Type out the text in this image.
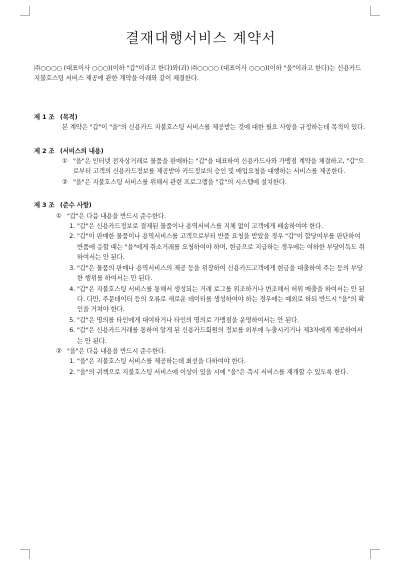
결재대행서비스 계약서

㈜○○○○ (대표이사 ○○○)(이하 "갑"이라고 한다)와(과) ㈜○○○○ (대표이사 ○○○)(이하 "을"이라고 한다)는 신용카드 지불호스팅 서비스 제공에 관한 계약을 아래와 같이 체결한다.

제 1 조 (목적)

본 계약은 "갑"이 "을"의 신용카드 지불호스팅 서비스를 제공받는 것에 대한 필요 사항을 규정하는데 목적이 있다.

제 2 조 (서비스의 내용)
① "을"은 인터넷 전자상거래로 물품을 판매하는 "갑"을 대표하여 신용카드사와 가맹점 계약을 체결하고, "갑"으로부터 고객의 신용카드정보를 제공받아 카드정보의 승인 및 매입요청을 대행하는 서비스를 제공한다.
② "을"은 지불호스팅 서비스를 위해서 관련 프로그램을 "갑"의 시스템에 설치한다.
제 3 조 (준수 사항)
① "갑"은 다음 내용을 반드시 준수한다.
1. "갑"은 신용카드정보로 결제된 물품이나 용역서비스를 지체 없이 고객에게 배송하여야 한다.
2. "갑"이 판매한 물품이나 용역서비스를 고객으로부터 반품 요청을 받았을 경우 "갑"이 합당여부를 판단하여 반품에 응할 때는 "을"에게 취소거래를 요청하여야 하며, 현금으로 지급하는 경우에는 여하한 부당이득도 취하여서는 안 된다.
3. "갑"은 물품의 판매나 용역서비스의 제공 등을 위장하여 신용카드고객에게 현금을 대출하여 주는 등의 부당한 행위를 하여서는 안 된다.
4. "갑"은 지불호스팅 서비스를 통해서 생성되는 거래 로그를 위조하거나 변조해서 허위 매출을 하여서는 안 된다. 다만, 주문데이터 등의 오류로 새로운 데이터를 생성하여야 하는 경우에는 예외로 하되 반드시 "을"의 확인을 거쳐야 한다.
5. "갑"은 명의를 타인에게 대여하거나 타인의 명의로 가맹점을 운영하여서는 안 된다.
6. "갑"은 신용카드거래를 통하여 알게 된 신용카드회원의 정보를 외부에 누출시키거나 제3자에게 제공하여서는 안 된다.
② "을"은 다음 내용을 반드시 준수한다.
1. "을"은 지불호스팅 서비스를 제공하는데 최선을 다하여야 한다.
2. "을"의 귀책으로 지불호스팅 서비스에 이상이 있을 시에 "을"은 즉시 서비스를 재개할 수 있도록 한다.
